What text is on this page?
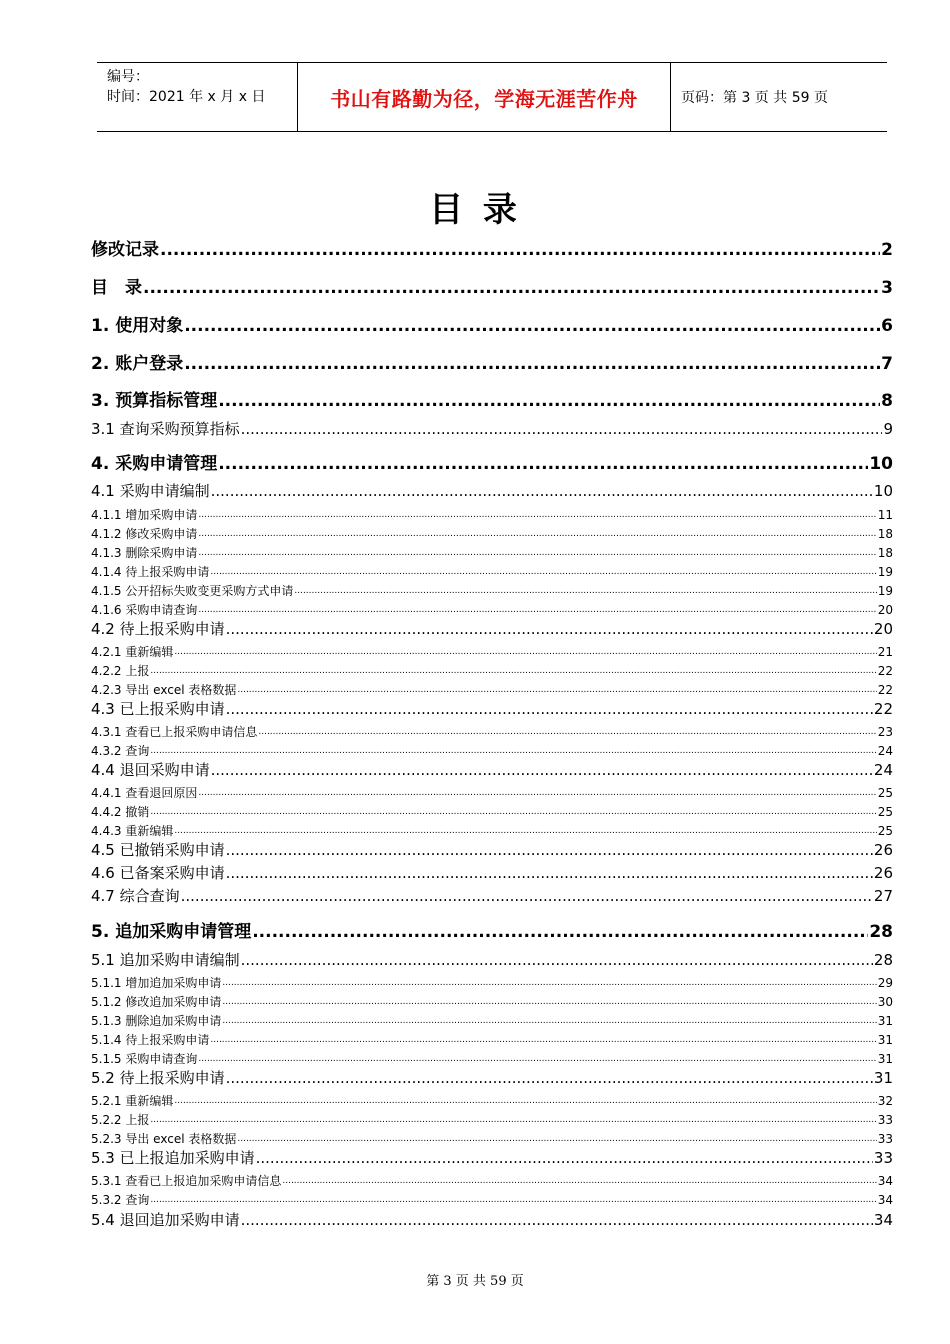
编号：
时间：2021 年 x 月 x 日	书山有路勤为径，学海无涯苦作舟	页码：第 3 页 共 59 页
目 录
修改记录 .....	2
目　录 .....	3
1. 使用对象 .....	6
2. 账户登录 .....	7
3. 预算指标管理 .....	8
3.1 查询采购预算指标 .....	9
4. 采购申请管理 .....	10
4.1 采购申请编制 .....	10
4.1.1 增加采购申请 .....	11
4.1.2 修改采购申请 .....	18
4.1.3 删除采购申请 .....	18
4.1.4 待上报采购申请 .....	19
4.1.5 公开招标失败变更采购方式申请 .....	19
4.1.6 采购申请查询 .....	20
4.2 待上报采购申请 .....	20
4.2.1 重新编辑 .....	21
4.2.2 上报 .....	22
4.2.3 导出 excel 表格数据 .....	22
4.3 已上报采购申请 .....	22
4.3.1 查看已上报采购申请信息 .....	23
4.3.2 查询 .....	24
4.4 退回采购申请 .....	24
4.4.1 查看退回原因 .....	25
4.4.2 撤销 .....	25
4.4.3 重新编辑 .....	25
4.5 已撤销采购申请 .....	26
4.6 已备案采购申请 .....	26
4.7 综合查询 .....	27
5. 追加采购申请管理 .....	28
5.1 追加采购申请编制 .....	28
5.1.1 增加追加采购申请 .....	29
5.1.2 修改追加采购申请 .....	30
5.1.3 删除追加采购申请 .....	31
5.1.4 待上报采购申请 .....	31
5.1.5 采购申请查询 .....	31
5.2 待上报采购申请 .....	31
5.2.1 重新编辑 .....	32
5.2.2 上报 .....	33
5.2.3 导出 excel 表格数据 .....	33
5.3 已上报追加采购申请 .....	33
5.3.1 查看已上报追加采购申请信息 .....	34
5.3.2 查询 .....	34
5.4 退回追加采购申请 .....	34
第 3 页 共 59 页
